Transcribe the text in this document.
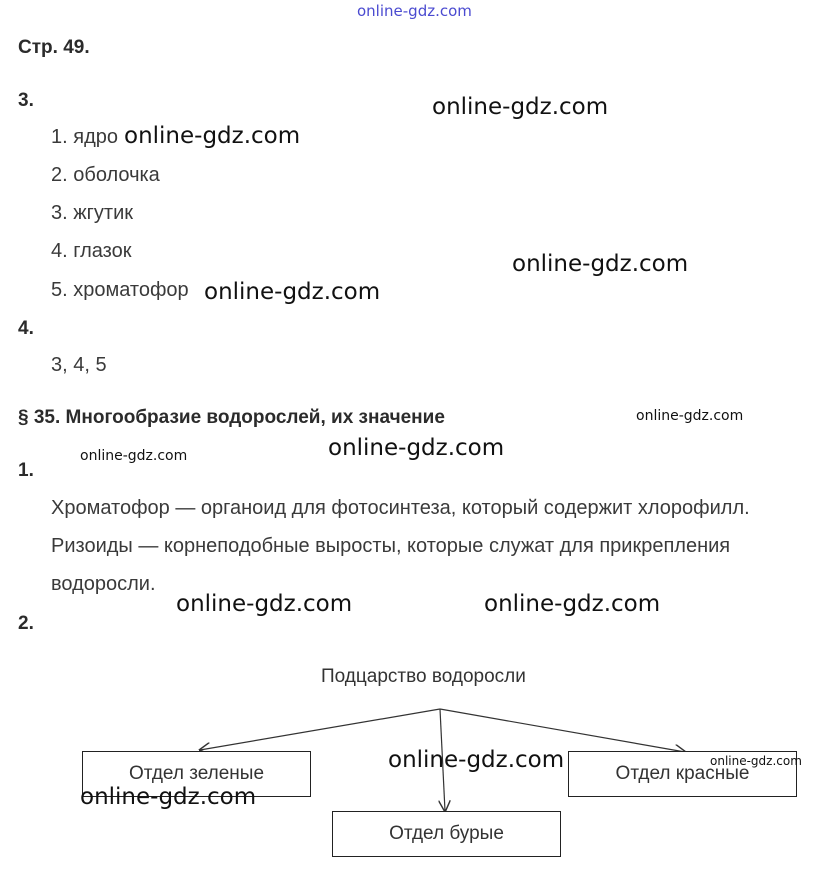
online-gdz.com
Стр. 49.
3.
1. ядро
2. оболочка
3. жгутик
4. глазок
5. хроматофор
4.
3, 4, 5
§ 35. Многообразие водорослей, их значение
1.
Хроматофор — органоид для фотосинтеза, который содержит хлорофилл.
Ризоиды — корнеподобные выросты, которые служат для прикрепления
водоросли.
2.
Подцарство водоросли
Отдел зеленые	Отдел красные
Отдел бурые
online-gdz.com
online-gdz.com
online-gdz.com
online-gdz.com
online-gdz.com
online-gdz.com
online-gdz.com
online-gdz.com	online-gdz.com
online-gdz.com	online-gdz.com
online-gdz.com
